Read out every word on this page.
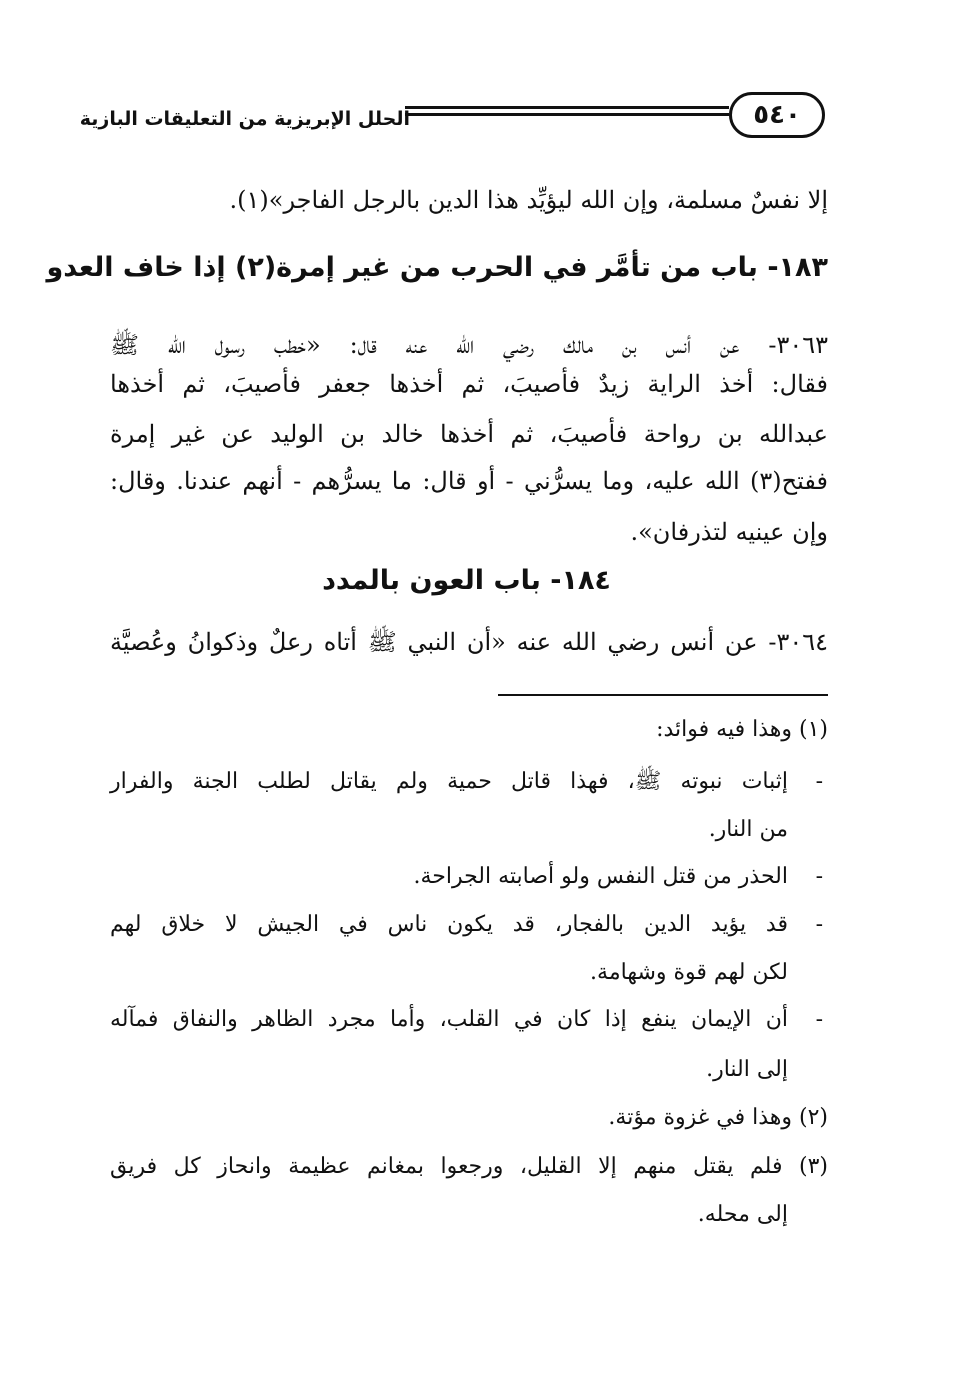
٥٤٠
الحلل الإبريزية من التعليقات البازية
إلا نفسٌ مسلمة، وإن الله ليؤيِّد هذا الدين بالرجل الفاجر»(١).
١٨٣- باب من تأمَّر في الحرب من غير إمرة(٢) إذا خاف العدو
٣٠٦٣- عن أنس بن مالك رضي الله عنه قال: «خطب رسول الله ﷺ
فقال: أخذ الراية زيدٌ فأصيبَ، ثم أخذها جعفر فأصيبَ، ثم أخذها
عبدالله بن رواحة فأصيبَ، ثم أخذها خالد بن الوليد عن غير إمرة
ففتح(٣) الله عليه، وما يسرُّني - أو قال: ما يسرُّهم - أنهم عندنا. وقال:
وإن عينيه لتذرفان».
١٨٤- باب العون بالمدد
٣٠٦٤- عن أنس رضي الله عنه «أن النبي ﷺ أتاه رعلٌ وذكوانُ وعُصيَّة
(١) وهذا فيه فوائد:
-
إثبات نبوته ﷺ، فهذا قاتل حمية ولم يقاتل لطلب الجنة والفرار
من النار.
-
الحذر من قتل النفس ولو أصابته الجراحة.
-
قد يؤيد الدين بالفجار، قد يكون ناس في الجيش لا خلاق لهم
لكن لهم قوة وشهامة.
-
أن الإيمان ينفع إذا كان في القلب، وأما مجرد الظاهر والنفاق فمآله
إلى النار.
(٢) وهذا في غزوة مؤتة.
(٣) فلم يقتل منهم إلا القليل، ورجعوا بمغانم عظيمة وانحاز كل فريق
إلى محله.
